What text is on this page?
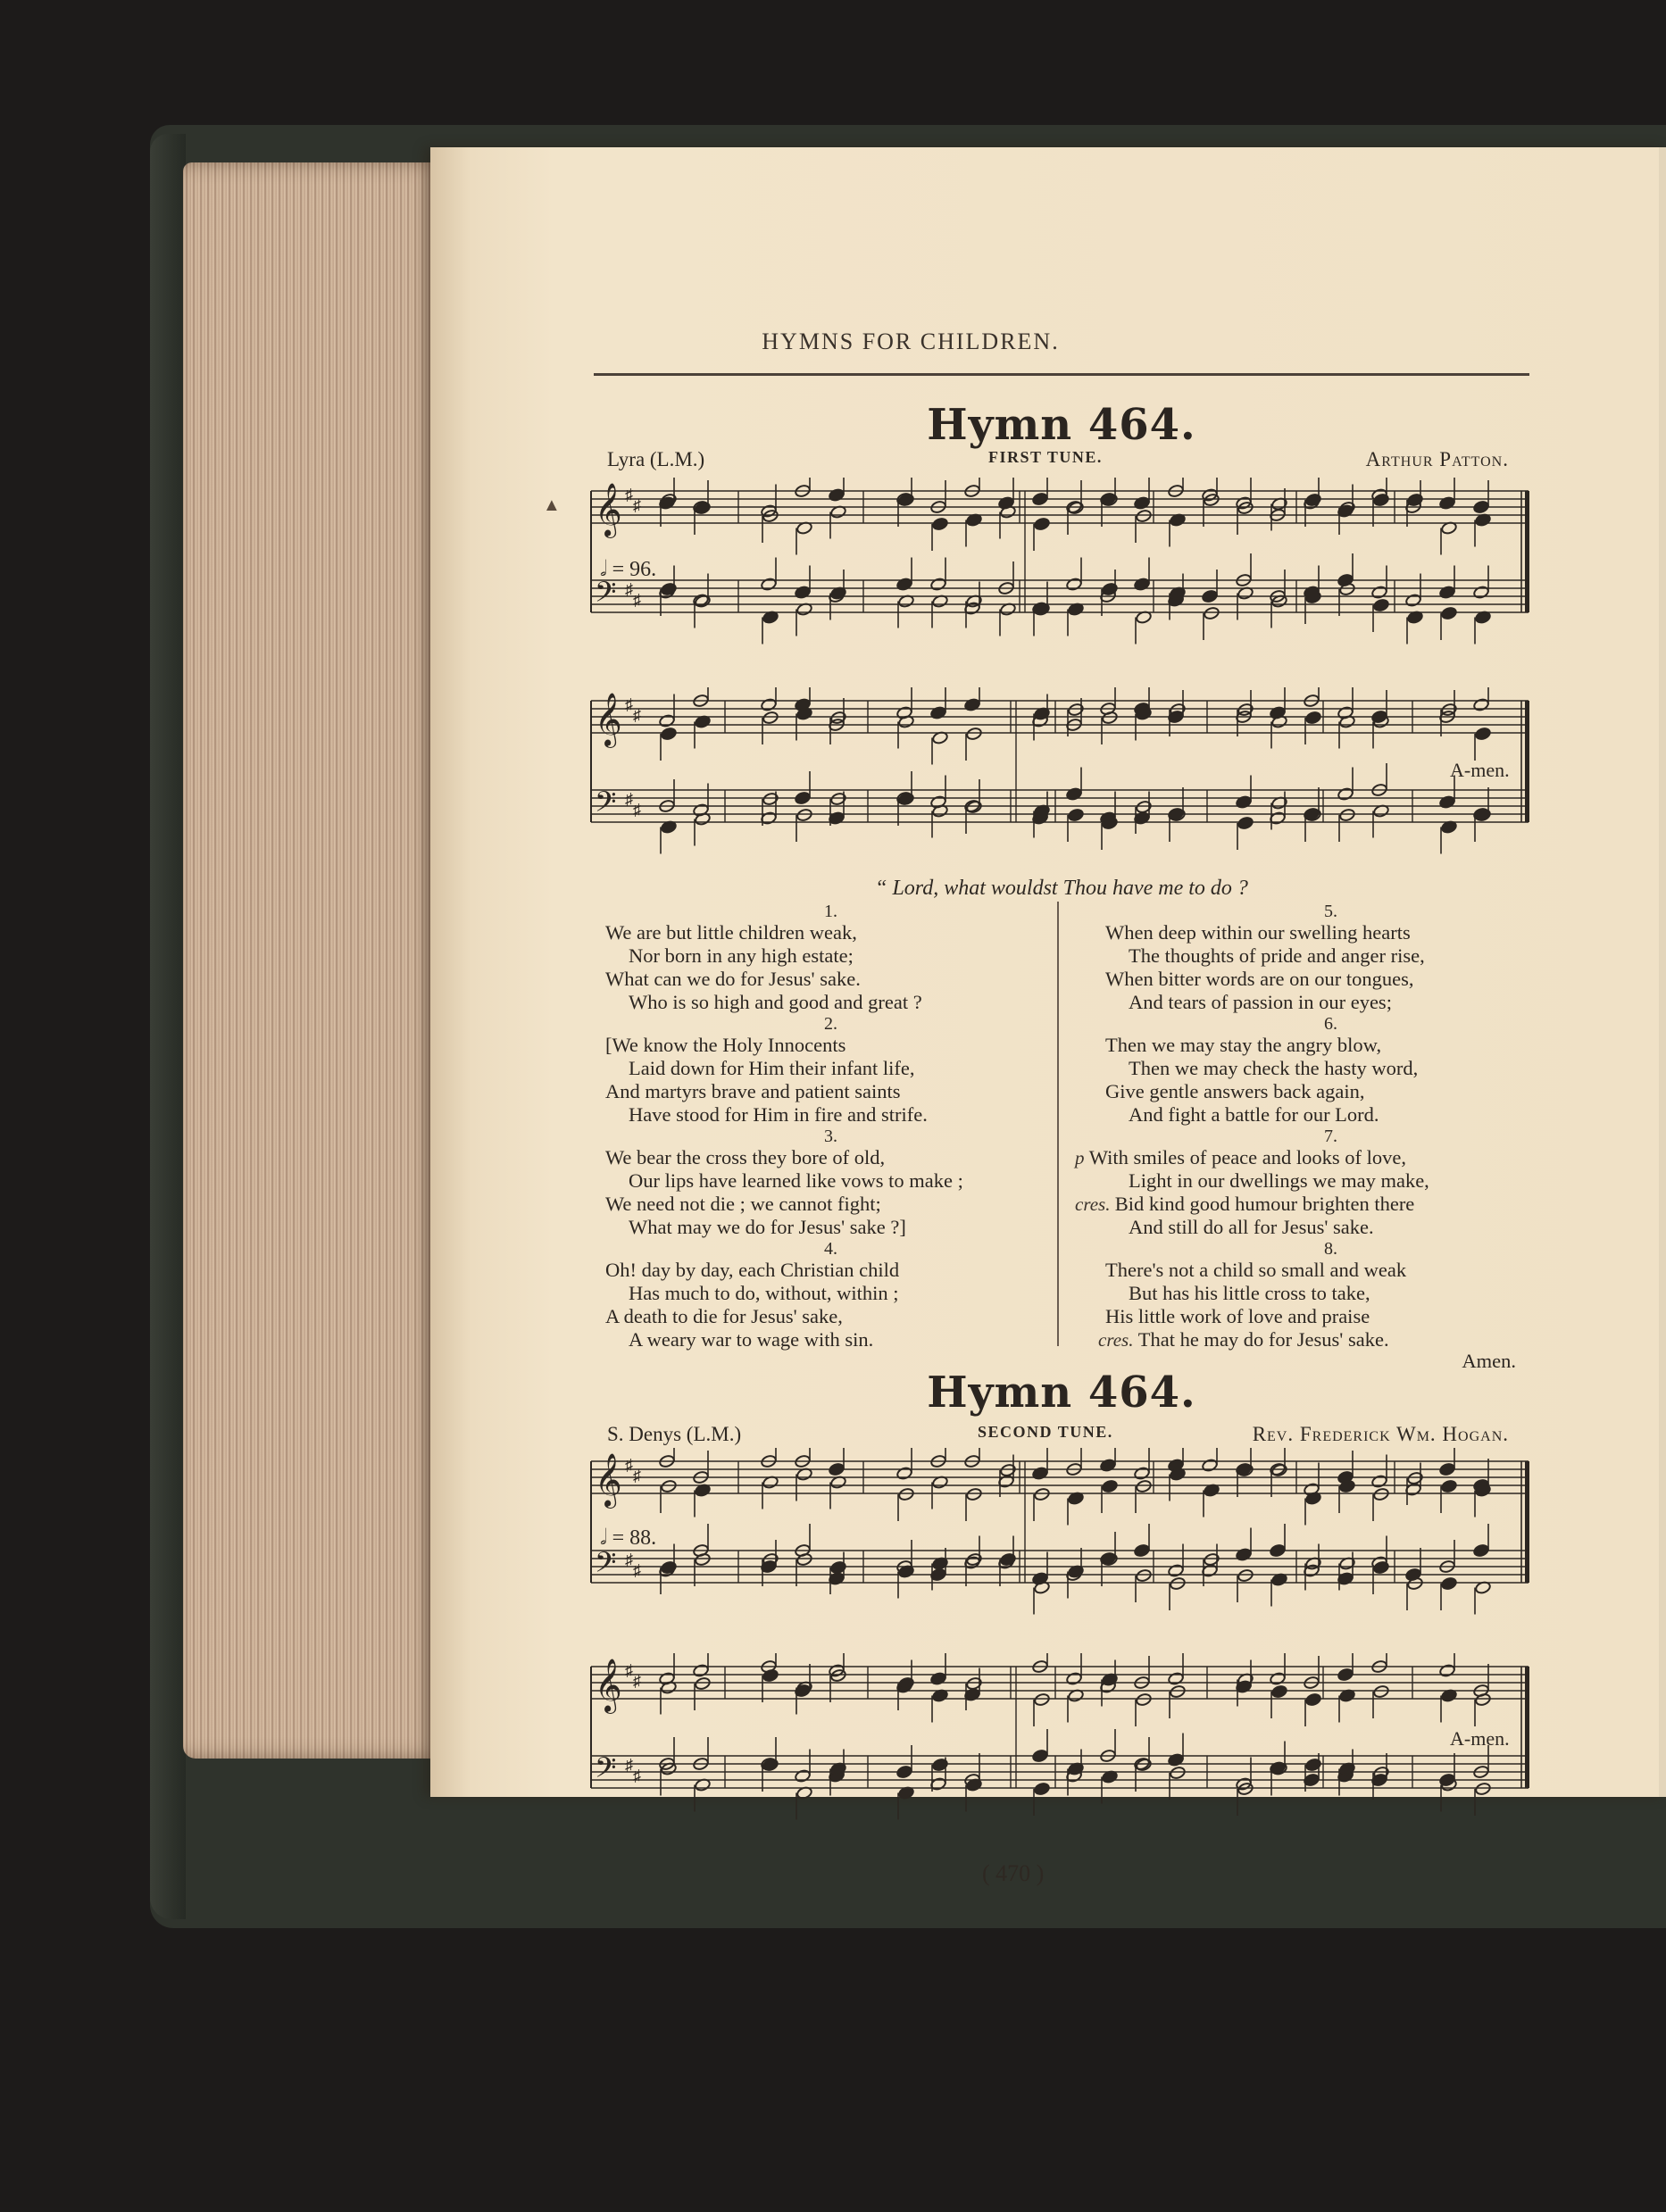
▲
HYMNS FOR CHILDREN.
Hymn 464.
Lyra (L.M.)	FIRST TUNE.	Arthur Patton.
𝄞
𝄢
♯
♯
♯
♯
𝅗𝅥 = 96.
𝄞
𝄢
♯
♯
♯
♯
A-men.
“ Lord, what wouldst Thou have me to do ?
1.
We are but little children weak,
Nor born in any high estate;
What can we do for Jesus' sake.
Who is so high and good and great ?
2.
[We know the Holy Innocents
Laid down for Him their infant life,
And martyrs brave and patient saints
Have stood for Him in fire and strife.
3.
We bear the cross they bore of old,
Our lips have learned like vows to make ;
We need not die ; we cannot fight;
What may we do for Jesus' sake ?]
4.
Oh! day by day, each Christian child
Has much to do, without, within ;
A death to die for Jesus' sake,
A weary war to wage with sin.
5.
When deep within our swelling hearts
The thoughts of pride and anger rise,
When bitter words are on our tongues,
And tears of passion in our eyes;
6.
Then we may stay the angry blow,
Then we may check the hasty word,
Give gentle answers back again,
And fight a battle for our Lord.
7.
p With smiles of peace and looks of love,
Light in our dwellings we may make,
cres. Bid kind good humour brighten there
And still do all for Jesus' sake.
8.
There's not a child so small and weak
But has his little cross to take,
His little work of love and praise
cres. That he may do for Jesus' sake.
Amen.
Hymn 464.
S. Denys (L.M.)	SECOND TUNE.	Rev. Frederick Wm. Hogan.
𝄞
𝄢
♯
♯
♯
♯
𝅗𝅥 = 88.
𝄞
𝄢
♯
♯
♯
♯
A-men.
( 470 )
